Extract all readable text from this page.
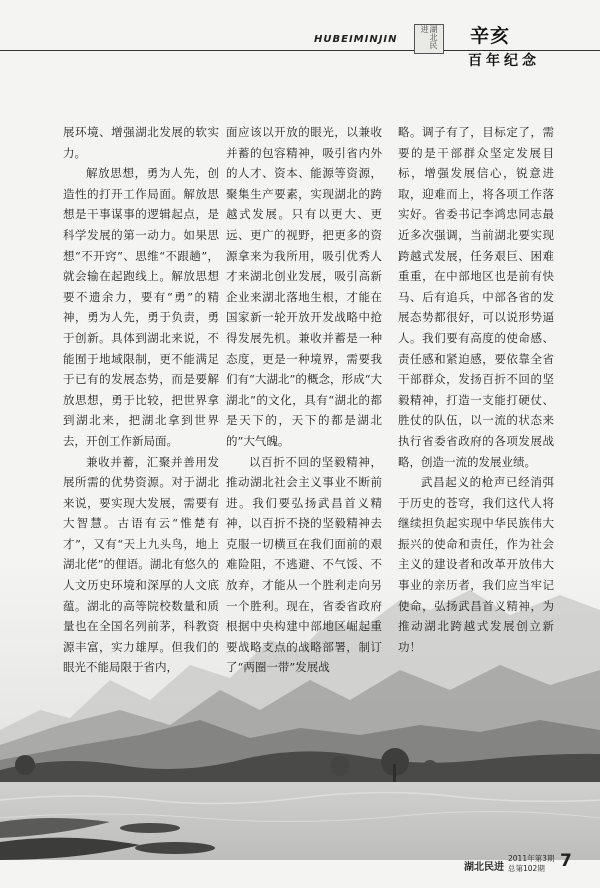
HUBEIMINJIN	湖北民进	辛亥
百年纪念

展环境、增强湖北发展的软实力。

解放思想，勇为人先，创造性的打开工作局面。解放思想是干事谋事的逻辑起点，是科学发展的第一动力。如果思想“不开窍”、思维“不跟趟”，就会输在起跑线上。解放思想要不遗余力，要有“勇”的精神，勇为人先，勇于负责，勇于创新。具体到湖北来说，不能囿于地域限制，更不能满足于已有的发展态势，而是要解放思想，勇于比较，把世界拿到湖北来，把湖北拿到世界去，开创工作新局面。

兼收并蓄，汇聚并善用发展所需的优势资源。对于湖北来说，要实现大发展，需要有大智慧。古语有云“惟楚有才”，又有“天上九头鸟，地上湖北佬”的俚语。湖北有悠久的人文历史环境和深厚的人文底蕴。湖北的高等院校数量和质量也在全国名列前茅，科教资源丰富，实力雄厚。但我们的眼光不能局限于省内，

面应该以开放的眼光，以兼收并蓄的包容精神，吸引省内外的人才、资本、能源等资源，聚集生产要素，实现湖北的跨越式发展。只有以更大、更远、更广的视野，把更多的资源拿来为我所用，吸引优秀人才来湖北创业发展，吸引高新企业来湖北落地生根，才能在国家新一轮开放开发战略中抢得发展先机。兼收并蓄是一种态度，更是一种境界，需要我们有“大湖北”的概念，形成“大湖北”的文化，具有“湖北的都是天下的，天下的都是湖北的”大气魄。

以百折不回的坚毅精神，推动湖北社会主义事业不断前进。我们要弘扬武昌首义精神，以百折不挠的坚毅精神去克服一切横亘在我们面前的艰难险阻，不逃避、不气馁、不放弃，才能从一个胜利走向另一个胜利。现在，省委省政府根据中央构建中部地区崛起重要战略支点的战略部署，制订了“两圈一带”发展战

略。调子有了，目标定了，需要的是干部群众坚定发展目标，增强发展信心，锐意进取，迎难而上，将各项工作落实好。省委书记李鸿忠同志最近多次强调，当前湖北要实现跨越式发展，任务艰巨、困难重重，在中部地区也是前有快马、后有追兵，中部各省的发展态势都很好，可以说形势逼人。我们要有高度的使命感、责任感和紧迫感，要依靠全省干部群众，发扬百折不回的坚毅精神，打造一支能打硬仗、胜仗的队伍，以一流的状态来执行省委省政府的各项发展战略，创造一流的发展业绩。

武昌起义的枪声已经消弭于历史的苍穹，我们这代人将继续担负起实现中华民族伟大振兴的使命和责任，作为社会主义的建设者和改革开放伟大事业的亲历者，我们应当牢记使命，弘扬武昌首义精神，为推动湖北跨越式发展创立新功！

湖北民进
2011年第3期
总第102期 7
